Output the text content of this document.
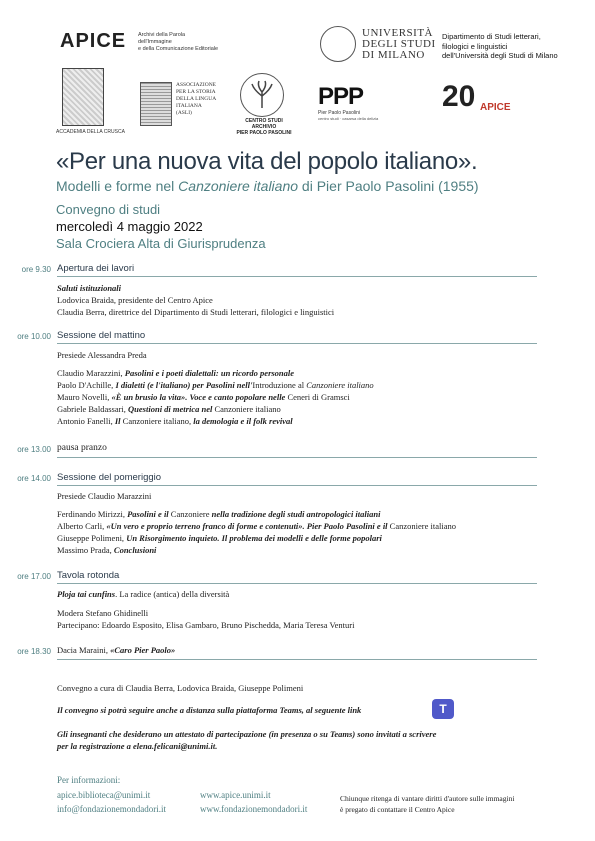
APICE Archivi della Parola
dell'Immagine
e della Comunicazione Editoriale
UNIVERSITÀ
DEGLI STUDI
DI MILANO
Dipartimento di Studi letterari,
filologici e linguistici
dell'Università degli Studi di Milano
ACCADEMIA DELLA CRUSCA
ASSOCIAZIONE
PER LA STORIA
DELLA LINGUA
ITALIANA
(ASLI)
CENTRO STUDI
ARCHIVIO
PIER PAOLO PASOLINI
PPP
Pier Paolo Pasolini
centro studi · casarsa della delizia
20 APICE
«Per una nuova vita del popolo italiano».
Modelli e forme nel Canzoniere italiano di Pier Paolo Pasolini (1955)
Convegno di studi
mercoledì 4 maggio 2022
Sala Crociera Alta di Giurisprudenza
ore 9.30 Apertura dei lavori
Saluti istituzionali
Lodovica Braida, presidente del Centro Apice
Claudia Berra, direttrice del Dipartimento di Studi letterari, filologici e linguistici
ore 10.00 Sessione del mattino
Presiede Alessandra Preda
Claudio Marazzini, Pasolini e i poeti dialettali: un ricordo personale
Paolo D'Achille, I dialetti (e l'italiano) per Pasolini nell'Introduzione al Canzoniere italiano
Mauro Novelli, «È un brusio la vita». Voce e canto popolare nelle Ceneri di Gramsci
Gabriele Baldassari, Questioni di metrica nel Canzoniere italiano
Antonio Fanelli, Il Canzoniere italiano, la demologia e il folk revival
ore 13.00 pausa pranzo
ore 14.00 Sessione del pomeriggio
Presiede Claudio Marazzini
Ferdinando Mirizzi, Pasolini e il Canzoniere nella tradizione degli studi antropologici italiani
Alberto Carli, «Un vero e proprio terreno franco di forme e contenuti». Pier Paolo Pasolini e il Canzoniere italiano
Giuseppe Polimeni, Un Risorgimento inquieto. Il problema dei modelli e delle forme popolari
Massimo Prada, Conclusioni
ore 17.00 Tavola rotonda
Ploja tai cunfins. La radice (antica) della diversità
Modera Stefano Ghidinelli
Partecipano: Edoardo Esposito, Elisa Gambaro, Bruno Pischedda, Maria Teresa Venturi
ore 18.30 Dacia Maraini, «Caro Pier Paolo»
Convegno a cura di Claudia Berra, Lodovica Braida, Giuseppe Polimeni
Il convegno si potrà seguire anche a distanza sulla piattaforma Teams, al seguente link	T
Gli insegnanti che desiderano un attestato di partecipazione (in presenza o su Teams) sono invitati a scrivere
per la registrazione a elena.felicani@unimi.it.
Per informazioni:
apice.biblioteca@unimi.it
info@fondazionemondadori.it
www.apice.unimi.it
www.fondazionemondadori.it
Chiunque ritenga di vantare diritti d'autore sulle immagini
è pregato di contattare il Centro Apice
